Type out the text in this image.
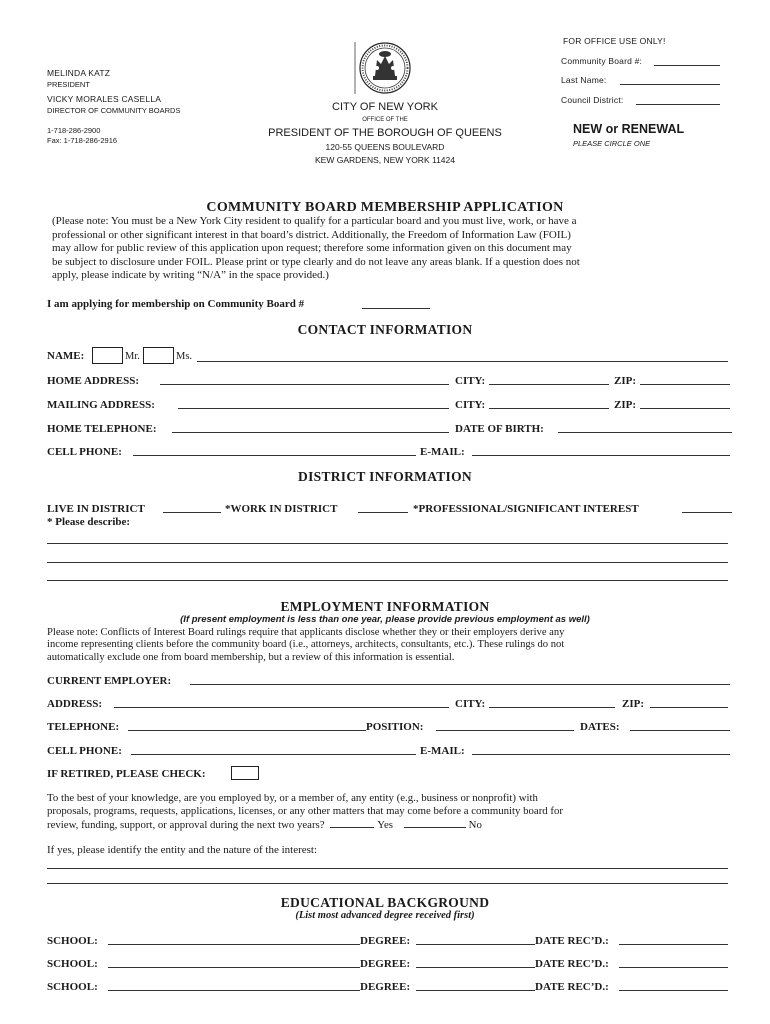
FOR OFFICE USE ONLY!
Community Board #:
Last Name:
Council District:
NEW or RENEWAL
PLEASE CIRCLE ONE
MELINDA KATZ
PRESIDENT
VICKY MORALES CASELLA
DIRECTOR OF COMMUNITY BOARDS
1-718-286-2900
Fax: 1-718-286-2916
CITY OF NEW YORK
OFFICE OF THE
PRESIDENT OF THE BOROUGH OF QUEENS
120-55 QUEENS BOULEVARD
KEW GARDENS, NEW YORK 11424
COMMUNITY BOARD MEMBERSHIP APPLICATION
(Please note: You must be a New York City resident to qualify for a particular board and you must live, work, or have a
professional or other significant interest in that board’s district. Additionally, the Freedom of Information Law (FOIL)
may allow for public review of this application upon request; therefore some information given on this document may
be subject to disclosure under FOIL. Please print or type clearly and do not leave any areas blank. If a question does not
apply, please indicate by writing “N/A” in the space provided.)
I am applying for membership on Community Board #
CONTACT INFORMATION
NAME:	Mr.	Ms.
HOME ADDRESS:	CITY:	ZIP:
MAILING ADDRESS:	CITY:	ZIP:
HOME TELEPHONE:	DATE OF BIRTH:
CELL PHONE:	E-MAIL:
DISTRICT INFORMATION
LIVE IN DISTRICT	*WORK IN DISTRICT	*PROFESSIONAL/SIGNIFICANT INTEREST
* Please describe:
EMPLOYMENT INFORMATION
(If present employment is less than one year, please provide previous employment as well)
Please note: Conflicts of Interest Board rulings require that applicants disclose whether they or their employers derive any
income representing clients before the community board (i.e., attorneys, architects, consultants, etc.). These rulings do not
automatically exclude one from board membership, but a review of this information is essential.
CURRENT EMPLOYER:
ADDRESS:	CITY:	ZIP:
TELEPHONE:	POSITION:	DATES:
CELL PHONE:	E-MAIL:
IF RETIRED, PLEASE CHECK:
To the best of your knowledge, are you employed by, or a member of, any entity (e.g., business or nonprofit) with
proposals, programs, requests, applications, licenses, or any other matters that may come before a community board for
review, funding, support, or approval during the next two years?	Yes	No
If yes, please identify the entity and the nature of the interest:
EDUCATIONAL BACKGROUND
(List most advanced degree received first)
SCHOOL:	DEGREE:	DATE REC’D.:
SCHOOL:	DEGREE:	DATE REC’D.:
SCHOOL:	DEGREE:	DATE REC’D.:
